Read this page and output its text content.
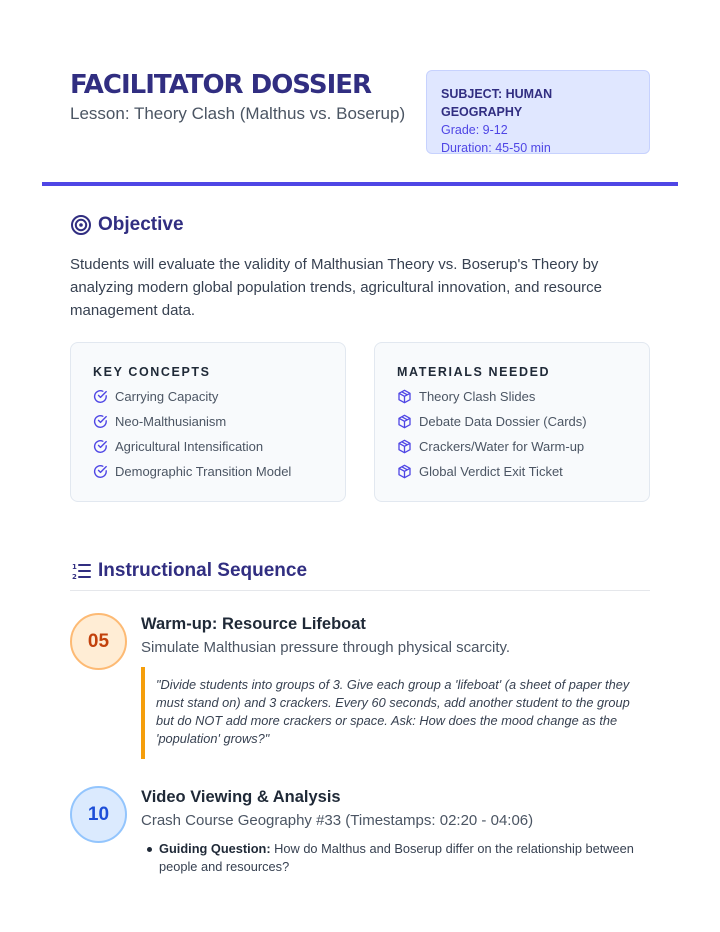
FACILITATOR DOSSIER
Lesson: Theory Clash (Malthus vs. Boserup)
SUBJECT: HUMAN GEOGRAPHY
Grade: 9-12
Duration: 45-50 min
Objective

Students will evaluate the validity of Malthusian Theory vs. Boserup's Theory by analyzing modern global population trends, agricultural innovation, and resource management data.

KEY CONCEPTS
Carrying Capacity
Neo-Malthusianism
Agricultural Intensification
Demographic Transition Model
MATERIALS NEEDED
Theory Clash Slides
Debate Data Dossier (Cards)
Crackers/Water for Warm-up
Global Verdict Exit Ticket
1
2 Instructional Sequence
05
Warm-up: Resource Lifeboat
Simulate Malthusian pressure through physical scarcity.
"Divide students into groups of 3. Give each group a 'lifeboat' (a sheet of paper they must stand on) and 3 crackers. Every 60 seconds, add another student to the group but do NOT add more crackers or space. Ask: How does the mood change as the 'population' grows?"
10
Video Viewing & Analysis
Crash Course Geography #33 (Timestamps: 02:20 - 04:06)
Guiding Question: How do Malthus and Boserup differ on the relationship between people and resources?
